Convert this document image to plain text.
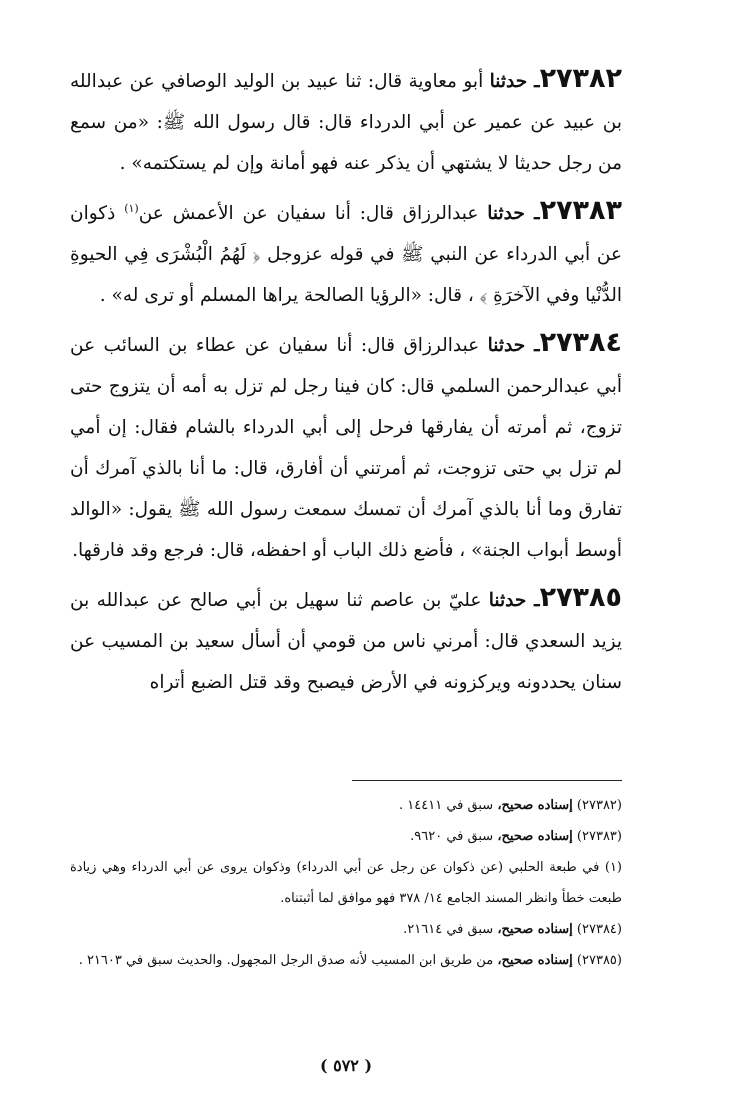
٢٧٣٨٢ـ حدثنا أبو معاوية قال: ثنا عبيد بن الوليد الوصافي عن عبدالله بن عبيد عن عمير عن أبي الدرداء قال: قال رسول الله ﷺ: «من سمع من رجل حديثا لا يشتهي أن يذكر عنه فهو أمانة وإن لم يستكتمه» .

٢٧٣٨٣ـ حدثنا عبدالرزاق قال: أنا سفيان عن الأعمش عن$^{(١)}$ ذكوان عن أبي الدرداء عن النبي ﷺ في قوله عزوجل ﴿ لَهُمُ الْبُشْرَى فِي الحيوةِ الدُّنْيا وفي الآخرَةِ ﴾ ، قال: «الرؤيا الصالحة يراها المسلم أو ترى له» .

٢٧٣٨٤ـ حدثنا عبدالرزاق قال: أنا سفيان عن عطاء بن السائب عن أبي عبدالرحمن السلمي قال: كان فينا رجل لم تزل به أمه أن يتزوج حتى تزوج، ثم أمرته أن يفارقها فرحل إلى أبي الدرداء بالشام فقال: إن أمي لم تزل بي حتى تزوجت، ثم أمرتني أن أفارق، قال: ما أنا بالذي آمرك أن تفارق وما أنا بالذي آمرك أن تمسك سمعت رسول الله ﷺ يقول: «الوالد أوسط أبواب الجنة» ، فأضع ذلك الباب أو احفظه، قال: فرجع وقد فارقها.

٢٧٣٨٥ـ حدثنا عليّ بن عاصم ثنا سهيل بن أبي صالح عن عبدالله بن يزيد السعدي قال: أمرني ناس من قومي أن أسأل سعيد بن المسيب عن سنان يحددونه ويركزونه في الأرض فيصبح وقد قتل الضبع أتراه

(٢٧٣٨٢) إسناده صحيح، سبق في ١٤٤١١ .

(٢٧٣٨٣) إسناده صحيح، سبق في ٩٦٢٠.

(١) في طبعة الحلبي (عن ذكوان عن رجل عن أبي الدرداء) وذكوان يروى عن أبي الدرداء وهي زيادة طبعت خطأ وانظر المسند الجامع ١٤/ ٣٧٨ فهو موافق لما أثبتناه.

(٢٧٣٨٤) إسناده صحيح، سبق في ٢١٦١٤.

(٢٧٣٨٥) إسناده صحيح، من طريق ابن المسيب لأنه صدق الرجل المجهول. والحديث سبق في ٢١٦٠٣ .

( ٥٧٢ )
